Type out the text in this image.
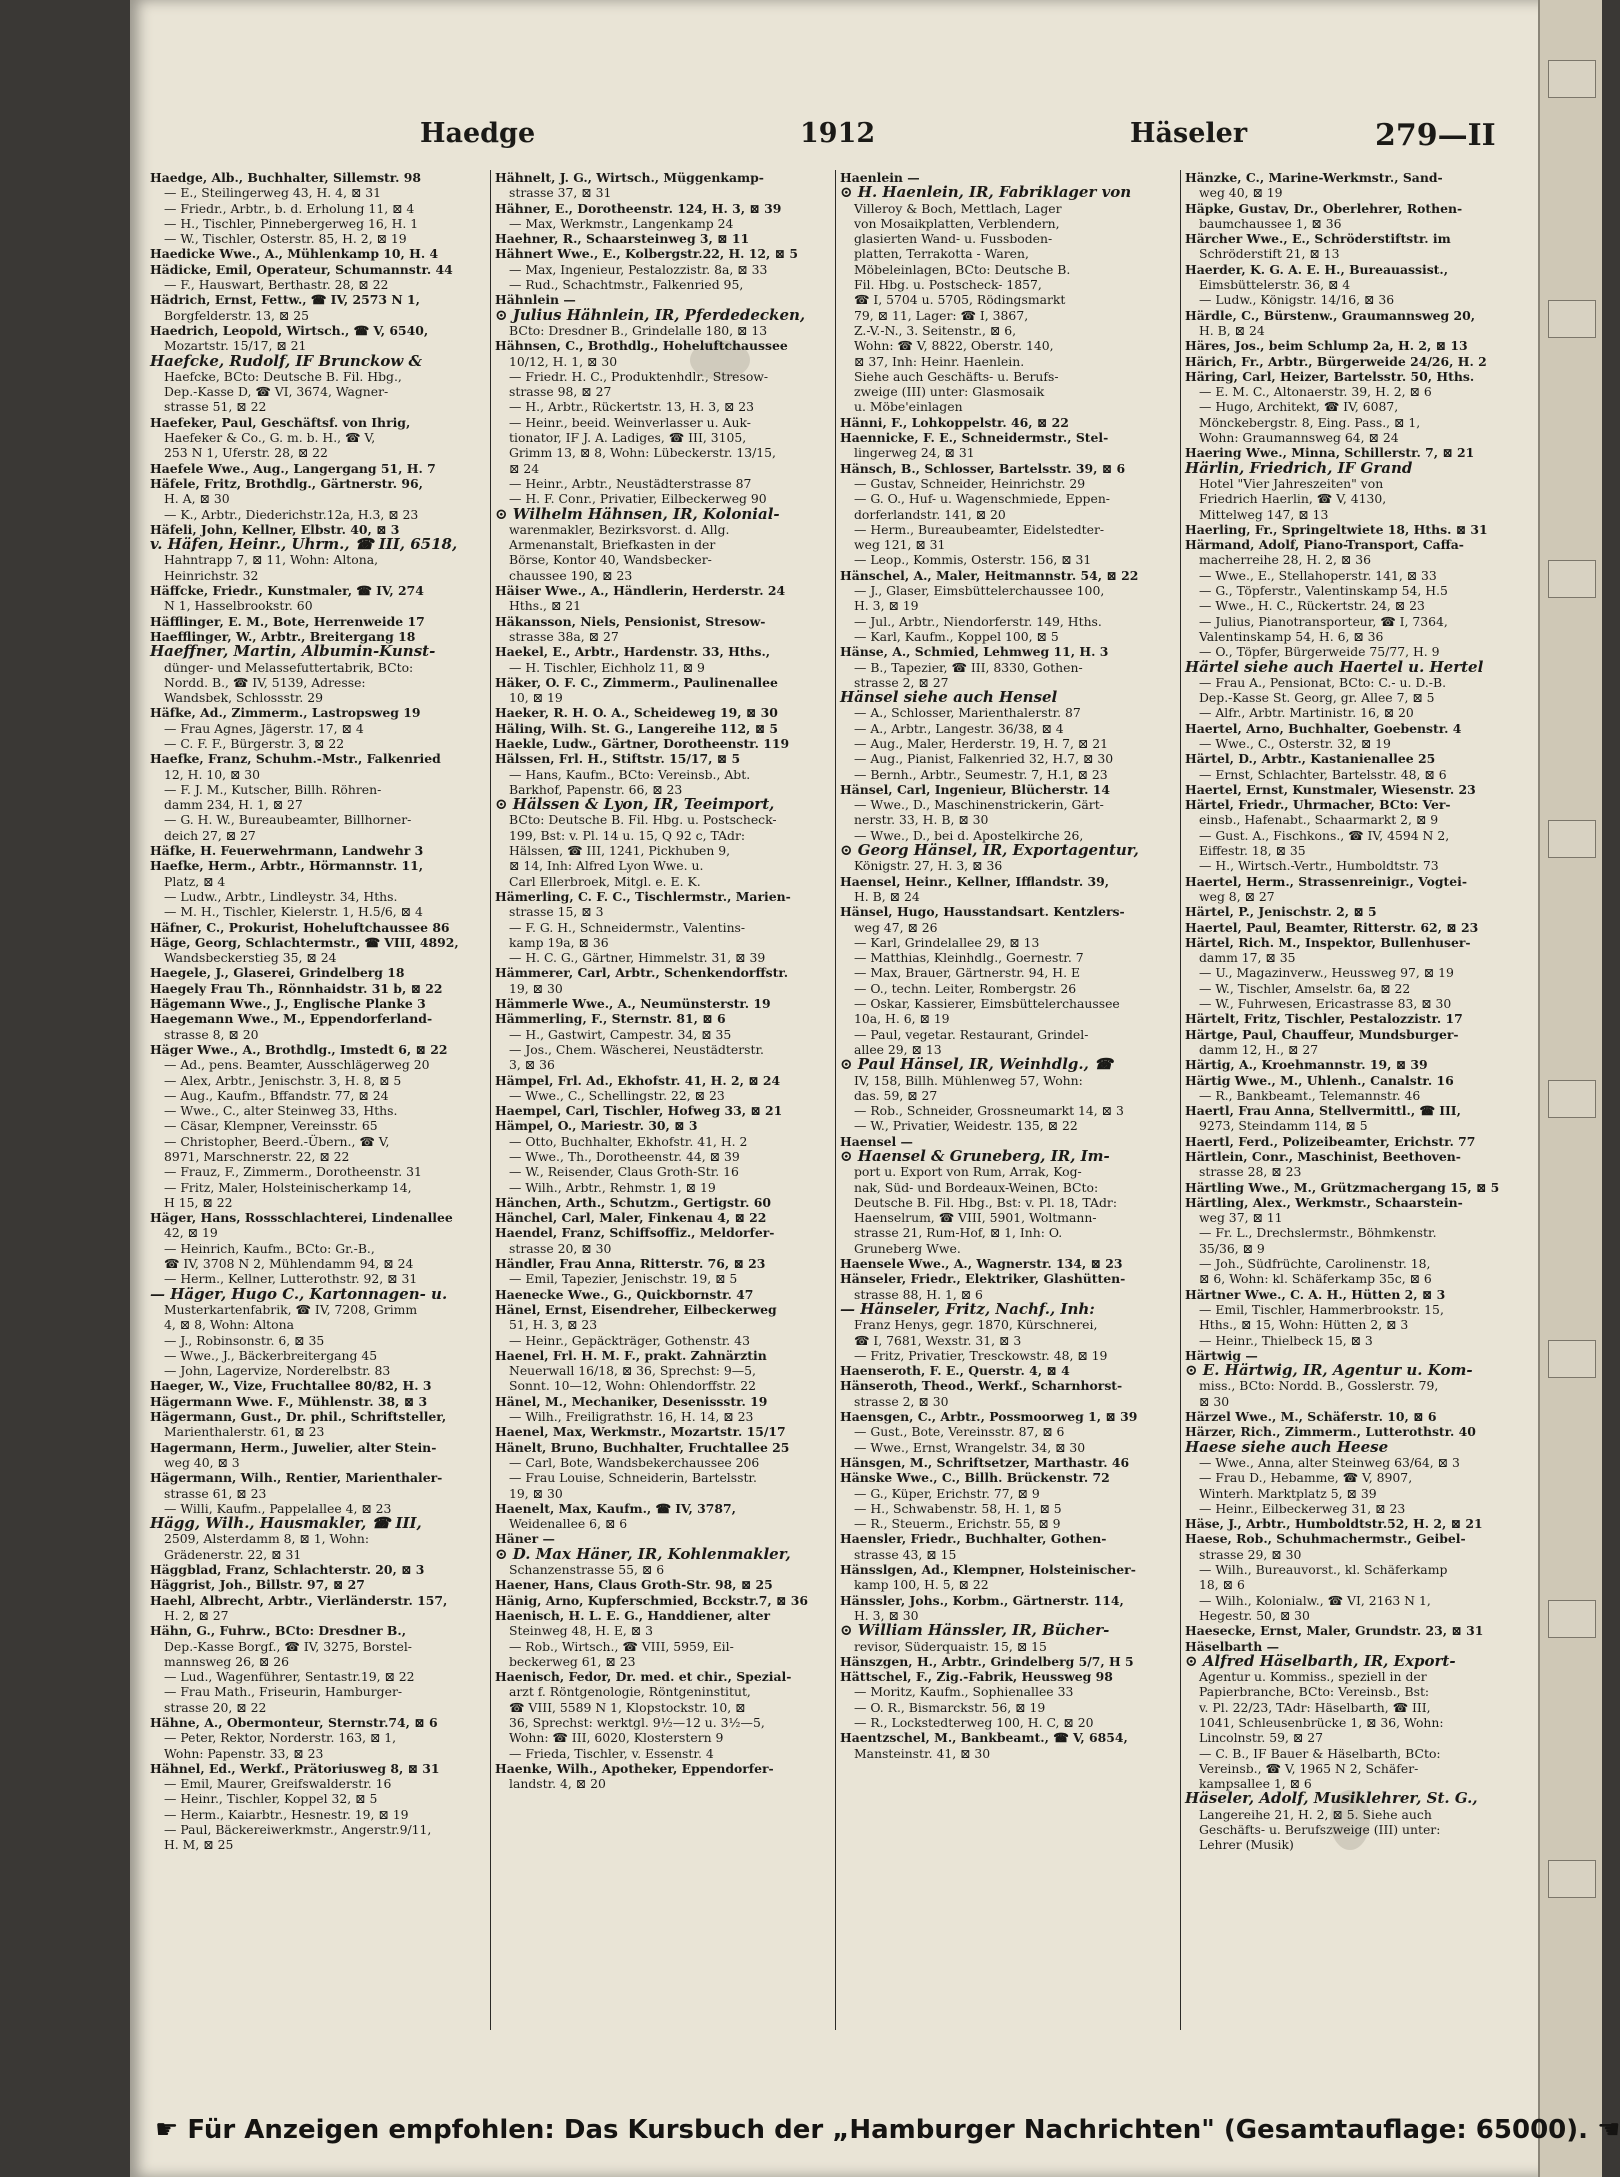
Haedge	1912	Häseler	279—II
Haedge, Alb., Buchhalter, Sillemstr. 98
— E., Steilingerweg 43, H. 4, ⊠ 31
— Friedr., Arbtr., b. d. Erholung 11, ⊠ 4
— H., Tischler, Pinnebergerweg 16, H. 1
— W., Tischler, Osterstr. 85, H. 2, ⊠ 19
Haedicke Wwe., A., Mühlenkamp 10, H. 4
Hädicke, Emil, Operateur, Schumannstr. 44
— F., Hauswart, Berthastr. 28, ⊠ 22
Hädrich, Ernst, Fettw., ☎ IV, 2573 N 1,
Borgfelderstr. 13, ⊠ 25
Haedrich, Leopold, Wirtsch., ☎ V, 6540,
Mozartstr. 15/17, ⊠ 21
Haefcke, Rudolf, IF Brunckow &
Haefcke, BCto: Deutsche B. Fil. Hbg.,
Dep.-Kasse D, ☎ VI, 3674, Wagner-
strasse 51, ⊠ 22
Haefeker, Paul, Geschäftsf. von Ihrig,
Haefeker & Co., G. m. b. H., ☎ V,
253 N 1, Uferstr. 28, ⊠ 22
Haefele Wwe., Aug., Langergang 51, H. 7
Häfele, Fritz, Brothdlg., Gärtnerstr. 96,
H. A, ⊠ 30
— K., Arbtr., Diederichstr.12a, H.3, ⊠ 23
Häfeli, John, Kellner, Elbstr. 40, ⊠ 3
v. Häfen, Heinr., Uhrm., ☎ III, 6518,
Hahntrapp 7, ⊠ 11, Wohn: Altona,
Heinrichstr. 32
Häffcke, Friedr., Kunstmaler, ☎ IV, 274
N 1, Hasselbrookstr. 60
Häfflinger, E. M., Bote, Herrenweide 17
Haefflinger, W., Arbtr., Breitergang 18
Haeffner, Martin, Albumin-Kunst-
dünger- und Melassefuttertabrik, BCto:
Nordd. B., ☎ IV, 5139, Adresse:
Wandsbek, Schlossstr. 29
Häfke, Ad., Zimmerm., Lastropsweg 19
— Frau Agnes, Jägerstr. 17, ⊠ 4
— C. F. F., Bürgerstr. 3, ⊠ 22
Haefke, Franz, Schuhm.-Mstr., Falkenried
12, H. 10, ⊠ 30
— F. J. M., Kutscher, Billh. Röhren-
damm 234, H. 1, ⊠ 27
— G. H. W., Bureaubeamter, Billhorner-
deich 27, ⊠ 27
Häfke, H. Feuerwehrmann, Landwehr 3
Haefke, Herm., Arbtr., Hörmannstr. 11,
Platz, ⊠ 4
— Ludw., Arbtr., Lindleystr. 34, Hths.
— M. H., Tischler, Kielerstr. 1, H.5/6, ⊠ 4
Häfner, C., Prokurist, Hoheluftchaussee 86
Häge, Georg, Schlachtermstr., ☎ VIII, 4892,
Wandsbeckerstieg 35, ⊠ 24
Haegele, J., Glaserei, Grindelberg 18
Haegely Frau Th., Rönnhaidstr. 31 b, ⊠ 22
Hägemann Wwe., J., Englische Planke 3
Haegemann Wwe., M., Eppendorferland-
strasse 8, ⊠ 20
Häger Wwe., A., Brothdlg., Imstedt 6, ⊠ 22
— Ad., pens. Beamter, Ausschlägerweg 20
— Alex, Arbtr., Jenischstr. 3, H. 8, ⊠ 5
— Aug., Kaufm., Bffandstr. 77, ⊠ 24
— Wwe., C., alter Steinweg 33, Hths.
— Cäsar, Klempner, Vereinsstr. 65
— Christopher, Beerd.-Übern., ☎ V,
8971, Marschnerstr. 22, ⊠ 22
— Frauz, F., Zimmerm., Dorotheenstr. 31
— Fritz, Maler, Holsteinischerkamp 14,
H 15, ⊠ 22
Häger, Hans, Rossschlachterei, Lindenallee
42, ⊠ 19
— Heinrich, Kaufm., BCto: Gr.-B.,
☎ IV, 3708 N 2, Mühlendamm 94, ⊠ 24
— Herm., Kellner, Lutterothstr. 92, ⊠ 31
— Häger, Hugo C., Kartonnagen- u.
Musterkartenfabrik, ☎ IV, 7208, Grimm
4, ⊠ 8, Wohn: Altona
— J., Robinsonstr. 6, ⊠ 35
— Wwe., J., Bäckerbreitergang 45
— John, Lagervize, Norderelbstr. 83
Haeger, W., Vize, Fruchtallee 80/82, H. 3
Hägermann Wwe. F., Mühlenstr. 38, ⊠ 3
Hägermann, Gust., Dr. phil., Schriftsteller,
Marienthalerstr. 61, ⊠ 23
Hagermann, Herm., Juwelier, alter Stein-
weg 40, ⊠ 3
Hägermann, Wilh., Rentier, Marienthaler-
strasse 61, ⊠ 23
— Willi, Kaufm., Pappelallee 4, ⊠ 23
Hägg, Wilh., Hausmakler, ☎ III,
2509, Alsterdamm 8, ⊠ 1, Wohn:
Grädenerstr. 22, ⊠ 31
Häggblad, Franz, Schlachterstr. 20, ⊠ 3
Häggrist, Joh., Billstr. 97, ⊠ 27
Haehl, Albrecht, Arbtr., Vierländerstr. 157,
H. 2, ⊠ 27
Hähn, G., Fuhrw., BCto: Dresdner B.,
Dep.-Kasse Borgf., ☎ IV, 3275, Borstel-
mannsweg 26, ⊠ 26
— Lud., Wagenführer, Sentastr.19, ⊠ 22
— Frau Math., Friseurin, Hamburger-
strasse 20, ⊠ 22
Hähne, A., Obermonteur, Sternstr.74, ⊠ 6
— Peter, Rektor, Norderstr. 163, ⊠ 1,
Wohn: Papenstr. 33, ⊠ 23
Hähnel, Ed., Werkf., Prätoriusweg 8, ⊠ 31
— Emil, Maurer, Greifswalderstr. 16
— Heinr., Tischler, Koppel 32, ⊠ 5
— Herm., Kaiarbtr., Hesnestr. 19, ⊠ 19
— Paul, Bäckereiwerkmstr., Angerstr.9/11,
H. M, ⊠ 25
Hähnelt, J. G., Wirtsch., Müggenkamp-
strasse 37, ⊠ 31
Hähner, E., Dorotheenstr. 124, H. 3, ⊠ 39
— Max, Werkmstr., Langenkamp 24
Haehner, R., Schaarsteinweg 3, ⊠ 11
Hähnert Wwe., E., Kolbergstr.22, H. 12, ⊠ 5
— Max, Ingenieur, Pestalozzistr. 8a, ⊠ 33
— Rud., Schachtmstr., Falkenried 95,
Hähnlein —
⊙ Julius Hähnlein, IR, Pferdedecken,
BCto: Dresdner B., Grindelalle 180, ⊠ 13
Hähnsen, C., Brothdlg., Hoheluftchaussee
10/12, H. 1, ⊠ 30
— Friedr. H. C., Produktenhdlr., Stresow-
strasse 98, ⊠ 27
— H., Arbtr., Rückertstr. 13, H. 3, ⊠ 23
— Heinr., beeid. Weinverlasser u. Auk-
tionator, IF J. A. Ladiges, ☎ III, 3105,
Grimm 13, ⊠ 8, Wohn: Lübeckerstr. 13/15,
⊠ 24
— Heinr., Arbtr., Neustädterstrasse 87
— H. F. Conr., Privatier, Eilbeckerweg 90
⊙ Wilhelm Hähnsen, IR, Kolonial-
warenmakler, Bezirksvorst. d. Allg.
Armenanstalt, Briefkasten in der
Börse, Kontor 40, Wandsbecker-
chaussee 190, ⊠ 23
Häiser Wwe., A., Händlerin, Herderstr. 24
Hths., ⊠ 21
Häkansson, Niels, Pensionist, Stresow-
strasse 38a, ⊠ 27
Haekel, E., Arbtr., Hardenstr. 33, Hths.,
— H. Tischler, Eichholz 11, ⊠ 9
Häker, O. F. C., Zimmerm., Paulinenallee
10, ⊠ 19
Haeker, R. H. O. A., Scheideweg 19, ⊠ 30
Häling, Wilh. St. G., Langereihe 112, ⊠ 5
Haekle, Ludw., Gärtner, Dorotheenstr. 119
Hälssen, Frl. H., Stiftstr. 15/17, ⊠ 5
— Hans, Kaufm., BCto: Vereinsb., Abt.
Barkhof, Papenstr. 66, ⊠ 23
⊙ Hälssen & Lyon, IR, Teeimport,
BCto: Deutsche B. Fil. Hbg. u. Postscheck-
199, Bst: v. Pl. 14 u. 15, Q 92 c, TAdr:
Hälssen, ☎ III, 1241, Pickhuben 9,
⊠ 14, Inh: Alfred Lyon Wwe. u.
Carl Ellerbroek, Mitgl. e. E. K.
Hämerling, C. F. C., Tischlermstr., Marien-
strasse 15, ⊠ 3
— F. G. H., Schneidermstr., Valentins-
kamp 19a, ⊠ 36
— H. C. G., Gärtner, Himmelstr. 31, ⊠ 39
Hämmerer, Carl, Arbtr., Schenkendorffstr.
19, ⊠ 30
Hämmerle Wwe., A., Neumünsterstr. 19
Hämmerling, F., Sternstr. 81, ⊠ 6
— H., Gastwirt, Campestr. 34, ⊠ 35
— Jos., Chem. Wäscherei, Neustädterstr.
3, ⊠ 36
Hämpel, Frl. Ad., Ekhofstr. 41, H. 2, ⊠ 24
— Wwe., C., Schellingstr. 22, ⊠ 23
Haempel, Carl, Tischler, Hofweg 33, ⊠ 21
Hämpel, O., Mariestr. 30, ⊠ 3
— Otto, Buchhalter, Ekhofstr. 41, H. 2
— Wwe., Th., Dorotheenstr. 44, ⊠ 39
— W., Reisender, Claus Groth-Str. 16
— Wilh., Arbtr., Rehmstr. 1, ⊠ 19
Hänchen, Arth., Schutzm., Gertigstr. 60
Hänchel, Carl, Maler, Finkenau 4, ⊠ 22
Haendel, Franz, Schiffsoffiz., Meldorfer-
strasse 20, ⊠ 30
Händler, Frau Anna, Ritterstr. 76, ⊠ 23
— Emil, Tapezier, Jenischstr. 19, ⊠ 5
Haenecke Wwe., G., Quickbornstr. 47
Hänel, Ernst, Eisendreher, Eilbeckerweg
51, H. 3, ⊠ 23
— Heinr., Gepäckträger, Gothenstr. 43
Haenel, Frl. H. M. F., prakt. Zahnärztin
Neuerwall 16/18, ⊠ 36, Sprechst: 9—5,
Sonnt. 10—12, Wohn: Ohlendorffstr. 22
Hänel, M., Mechaniker, Desenissstr. 19
— Wilh., Freiligrathstr. 16, H. 14, ⊠ 23
Haenel, Max, Werkmstr., Mozartstr. 15/17
Hänelt, Bruno, Buchhalter, Fruchtallee 25
— Carl, Bote, Wandsbekerchaussee 206
— Frau Louise, Schneiderin, Bartelsstr.
19, ⊠ 30
Haenelt, Max, Kaufm., ☎ IV, 3787,
Weidenallee 6, ⊠ 6
Häner —
⊙ D. Max Häner, IR, Kohlenmakler,
Schanzenstrasse 55, ⊠ 6
Haener, Hans, Claus Groth-Str. 98, ⊠ 25
Hänig, Arno, Kupferschmied, Bcckstr.7, ⊠ 36
Haenisch, H. L. E. G., Handdiener, alter
Steinweg 48, H. E, ⊠ 3
— Rob., Wirtsch., ☎ VIII, 5959, Eil-
beckerweg 61, ⊠ 23
Haenisch, Fedor, Dr. med. et chir., Spezial-
arzt f. Röntgenologie, Röntgeninstitut,
☎ VIII, 5589 N 1, Klopstockstr. 10, ⊠
36, Sprechst: werktgl. 9½—12 u. 3½—5,
Wohn: ☎ III, 6020, Klosterstern 9
— Frieda, Tischler, v. Essenstr. 4
Haenke, Wilh., Apotheker, Eppendorfer-
landstr. 4, ⊠ 20
Haenlein —
⊙ H. Haenlein, IR, Fabriklager von
Villeroy & Boch, Mettlach, Lager
von Mosaikplatten, Verblendern,
glasierten Wand- u. Fussboden-
platten, Terrakotta - Waren,
Möbeleinlagen, BCto: Deutsche B.
Fil. Hbg. u. Postscheck- 1857,
☎ I, 5704 u. 5705, Rödingsmarkt
79, ⊠ 11, Lager: ☎ I, 3867,
Z.-V.-N., 3. Seitenstr., ⊠ 6,
Wohn: ☎ V, 8822, Oberstr. 140,
⊠ 37, Inh: Heinr. Haenlein.
Siehe auch Geschäfts- u. Berufs-
zweige (III) unter: Glasmosaik
u. Möbe'einlagen
Hänni, F., Lohkoppelstr. 46, ⊠ 22
Haennicke, F. E., Schneidermstr., Stel-
lingerweg 24, ⊠ 31
Hänsch, B., Schlosser, Bartelsstr. 39, ⊠ 6
— Gustav, Schneider, Heinrichstr. 29
— G. O., Huf- u. Wagenschmiede, Eppen-
dorferlandstr. 141, ⊠ 20
— Herm., Bureaubeamter, Eidelstedter-
weg 121, ⊠ 31
— Leop., Kommis, Osterstr. 156, ⊠ 31
Hänschel, A., Maler, Heitmannstr. 54, ⊠ 22
— J., Glaser, Eimsbüttelerchaussee 100,
H. 3, ⊠ 19
— Jul., Arbtr., Niendorferstr. 149, Hths.
— Karl, Kaufm., Koppel 100, ⊠ 5
Hänse, A., Schmied, Lehmweg 11, H. 3
— B., Tapezier, ☎ III, 8330, Gothen-
strasse 2, ⊠ 27
Hänsel siehe auch Hensel
— A., Schlosser, Marienthalerstr. 87
— A., Arbtr., Langestr. 36/38, ⊠ 4
— Aug., Maler, Herderstr. 19, H. 7, ⊠ 21
— Aug., Pianist, Falkenried 32, H.7, ⊠ 30
— Bernh., Arbtr., Seumestr. 7, H.1, ⊠ 23
Hänsel, Carl, Ingenieur, Blücherstr. 14
— Wwe., D., Maschinenstrickerin, Gärt-
nerstr. 33, H. B, ⊠ 30
— Wwe., D., bei d. Apostelkirche 26,
⊙ Georg Hänsel, IR, Exportagentur,
Königstr. 27, H. 3, ⊠ 36
Haensel, Heinr., Kellner, Ifflandstr. 39,
H. B, ⊠ 24
Hänsel, Hugo, Hausstandsart. Kentzlers-
weg 47, ⊠ 26
— Karl, Grindelallee 29, ⊠ 13
— Matthias, Kleinhdlg., Goernestr. 7
— Max, Brauer, Gärtnerstr. 94, H. E
— O., techn. Leiter, Rombergstr. 26
— Oskar, Kassierer, Eimsbüttelerchaussee
10a, H. 6, ⊠ 19
— Paul, vegetar. Restaurant, Grindel-
allee 29, ⊠ 13
⊙ Paul Hänsel, IR, Weinhdlg., ☎
IV, 158, Billh. Mühlenweg 57, Wohn:
das. 59, ⊠ 27
— Rob., Schneider, Grossneumarkt 14, ⊠ 3
— W., Privatier, Weidestr. 135, ⊠ 22
Haensel —
⊙ Haensel & Gruneberg, IR, Im-
port u. Export von Rum, Arrak, Kog-
nak, Süd- und Bordeaux-Weinen, BCto:
Deutsche B. Fil. Hbg., Bst: v. Pl. 18, TAdr:
Haenselrum, ☎ VIII, 5901, Woltmann-
strasse 21, Rum-Hof, ⊠ 1, Inh: O.
Gruneberg Wwe.
Haensele Wwe., A., Wagnerstr. 134, ⊠ 23
Hänseler, Friedr., Elektriker, Glashütten-
strasse 88, H. 1, ⊠ 6
— Hänseler, Fritz, Nachf., Inh:
Franz Henys, gegr. 1870, Kürschnerei,
☎ I, 7681, Wexstr. 31, ⊠ 3
— Fritz, Privatier, Tresckowstr. 48, ⊠ 19
Haenseroth, F. E., Querstr. 4, ⊠ 4
Hänseroth, Theod., Werkf., Scharnhorst-
strasse 2, ⊠ 30
Haensgen, C., Arbtr., Possmoorweg 1, ⊠ 39
— Gust., Bote, Vereinsstr. 87, ⊠ 6
— Wwe., Ernst, Wrangelstr. 34, ⊠ 30
Hänsgen, M., Schriftsetzer, Marthastr. 46
Hänske Wwe., C., Billh. Brückenstr. 72
— G., Küper, Erichstr. 77, ⊠ 9
— H., Schwabenstr. 58, H. 1, ⊠ 5
— R., Steuerm., Erichstr. 55, ⊠ 9
Haensler, Friedr., Buchhalter, Gothen-
strasse 43, ⊠ 15
Hänsslgen, Ad., Klempner, Holsteinischer-
kamp 100, H. 5, ⊠ 22
Hänssler, Johs., Korbm., Gärtnerstr. 114,
H. 3, ⊠ 30
⊙ William Hänssler, IR, Bücher-
revisor, Süderquaistr. 15, ⊠ 15
Hänszgen, H., Arbtr., Grindelberg 5/7, H 5
Hättschel, F., Zig.-Fabrik, Heussweg 98
— Moritz, Kaufm., Sophienallee 33
— O. R., Bismarckstr. 56, ⊠ 19
— R., Lockstedterweg 100, H. C, ⊠ 20
Haentzschel, M., Bankbeamt., ☎ V, 6854,
Mansteinstr. 41, ⊠ 30
Hänzke, C., Marine-Werkmstr., Sand-
weg 40, ⊠ 19
Häpke, Gustav, Dr., Oberlehrer, Rothen-
baumchaussee 1, ⊠ 36
Härcher Wwe., E., Schröderstiftstr. im
Schröderstift 21, ⊠ 13
Haerder, K. G. A. E. H., Bureauassist.,
Eimsbüttelerstr. 36, ⊠ 4
— Ludw., Königstr. 14/16, ⊠ 36
Härdle, C., Bürstenw., Graumannsweg 20,
H. B, ⊠ 24
Häres, Jos., beim Schlump 2a, H. 2, ⊠ 13
Härich, Fr., Arbtr., Bürgerweide 24/26, H. 2
Häring, Carl, Heizer, Bartelsstr. 50, Hths.
— E. M. C., Altonaerstr. 39, H. 2, ⊠ 6
— Hugo, Architekt, ☎ IV, 6087,
Mönckebergstr. 8, Eing. Pass., ⊠ 1,
Wohn: Graumannsweg 64, ⊠ 24
Haering Wwe., Minna, Schillerstr. 7, ⊠ 21
Härlin, Friedrich, IF Grand
Hotel "Vier Jahreszeiten" von
Friedrich Haerlin, ☎ V, 4130,
Mittelweg 147, ⊠ 13
Haerling, Fr., Springeltwiete 18, Hths. ⊠ 31
Härmand, Adolf, Piano-Transport, Caffa-
macherreihe 28, H. 2, ⊠ 36
— Wwe., E., Stellahoperstr. 141, ⊠ 33
— G., Töpferstr., Valentinskamp 54, H.5
— Wwe., H. C., Rückertstr. 24, ⊠ 23
— Julius, Pianotransporteur, ☎ I, 7364,
Valentinskamp 54, H. 6, ⊠ 36
— O., Töpfer, Bürgerweide 75/77, H. 9
Härtel siehe auch Haertel u. Hertel
— Frau A., Pensionat, BCto: C.- u. D.-B.
Dep.-Kasse St. Georg, gr. Allee 7, ⊠ 5
— Alfr., Arbtr. Martinistr. 16, ⊠ 20
Haertel, Arno, Buchhalter, Goebenstr. 4
— Wwe., C., Osterstr. 32, ⊠ 19
Härtel, D., Arbtr., Kastanienallee 25
— Ernst, Schlachter, Bartelsstr. 48, ⊠ 6
Haertel, Ernst, Kunstmaler, Wiesenstr. 23
Härtel, Friedr., Uhrmacher, BCto: Ver-
einsb., Hafenabt., Schaarmarkt 2, ⊠ 9
— Gust. A., Fischkons., ☎ IV, 4594 N 2,
Eiffestr. 18, ⊠ 35
— H., Wirtsch.-Vertr., Humboldtstr. 73
Haertel, Herm., Strassenreinigr., Vogtei-
weg 8, ⊠ 27
Härtel, P., Jenischstr. 2, ⊠ 5
Haertel, Paul, Beamter, Ritterstr. 62, ⊠ 23
Härtel, Rich. M., Inspektor, Bullenhuser-
damm 17, ⊠ 35
— U., Magazinverw., Heussweg 97, ⊠ 19
— W., Tischler, Amselstr. 6a, ⊠ 22
— W., Fuhrwesen, Ericastrasse 83, ⊠ 30
Härtelt, Fritz, Tischler, Pestalozzistr. 17
Härtge, Paul, Chauffeur, Mundsburger-
damm 12, H., ⊠ 27
Härtig, A., Kroehmannstr. 19, ⊠ 39
Härtig Wwe., M., Uhlenh., Canalstr. 16
— R., Bankbeamt., Telemannstr. 46
Haertl, Frau Anna, Stellvermittl., ☎ III,
9273, Steindamm 114, ⊠ 5
Haertl, Ferd., Polizeibeamter, Erichstr. 77
Härtlein, Conr., Maschinist, Beethoven-
strasse 28, ⊠ 23
Härtling Wwe., M., Grützmachergang 15, ⊠ 5
Härtling, Alex., Werkmstr., Schaarstein-
weg 37, ⊠ 11
— Fr. L., Drechslermstr., Böhmkenstr.
35/36, ⊠ 9
— Joh., Südfrüchte, Carolinenstr. 18,
⊠ 6, Wohn: kl. Schäferkamp 35c, ⊠ 6
Härtner Wwe., C. A. H., Hütten 2, ⊠ 3
— Emil, Tischler, Hammerbrookstr. 15,
Hths., ⊠ 15, Wohn: Hütten 2, ⊠ 3
— Heinr., Thielbeck 15, ⊠ 3
Härtwig —
⊙ E. Härtwig, IR, Agentur u. Kom-
miss., BCto: Nordd. B., Gosslerstr. 79,
⊠ 30
Härzel Wwe., M., Schäferstr. 10, ⊠ 6
Härzer, Rich., Zimmerm., Lutterothstr. 40
Haese siehe auch Heese
— Wwe., Anna, alter Steinweg 63/64, ⊠ 3
— Frau D., Hebamme, ☎ V, 8907,
Winterh. Marktplatz 5, ⊠ 39
— Heinr., Eilbeckerweg 31, ⊠ 23
Häse, J., Arbtr., Humboldtstr.52, H. 2, ⊠ 21
Haese, Rob., Schuhmachermstr., Geibel-
strasse 29, ⊠ 30
— Wilh., Bureauvorst., kl. Schäferkamp
18, ⊠ 6
— Wilh., Kolonialw., ☎ VI, 2163 N 1,
Hegestr. 50, ⊠ 30
Haesecke, Ernst, Maler, Grundstr. 23, ⊠ 31
Häselbarth —
⊙ Alfred Häselbarth, IR, Export-
Agentur u. Kommiss., speziell in der
Papierbranche, BCto: Vereinsb., Bst:
v. Pl. 22/23, TAdr: Häselbarth, ☎ III,
1041, Schleusenbrücke 1, ⊠ 36, Wohn:
Lincolnstr. 59, ⊠ 27
— C. B., IF Bauer & Häselbarth, BCto:
Vereinsb., ☎ V, 1965 N 2, Schäfer-
kampsallee 1, ⊠ 6
Häseler, Adolf, Musiklehrer, St. G.,
Langereihe 21, H. 2, ⊠ 5. Siehe auch
Geschäfts- u. Berufszweige (III) unter:
Lehrer (Musik)
☛ Für Anzeigen empfohlen: Das Kursbuch der „Hamburger Nachrichten" (Gesamtauflage: 65000). ☚
